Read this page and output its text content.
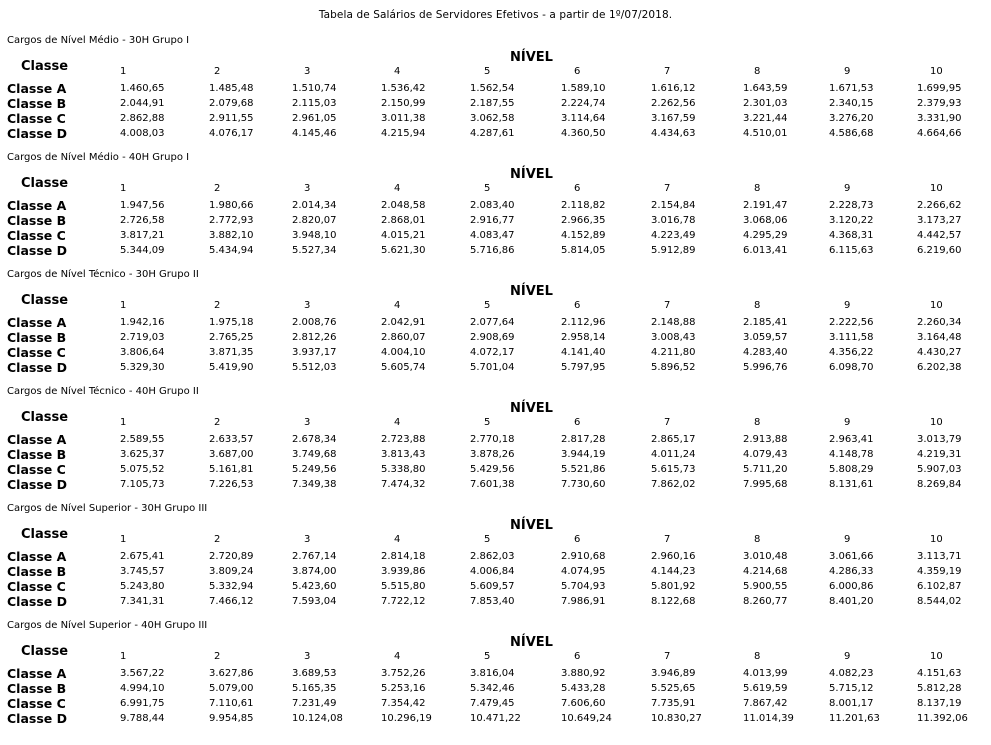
Tabela de Salários de Servidores Efetivos - a partir de 1º/07/2018.
Cargos de Nível Médio - 30H Grupo I
Classe
NÍVEL
1	2	3	4	5	6	7	8	9	10
Classe A	1.460,65	1.485,48	1.510,74	1.536,42	1.562,54	1.589,10	1.616,12	1.643,59	1.671,53	1.699,95
Classe B	2.044,91	2.079,68	2.115,03	2.150,99	2.187,55	2.224,74	2.262,56	2.301,03	2.340,15	2.379,93
Classe C	2.862,88	2.911,55	2.961,05	3.011,38	3.062,58	3.114,64	3.167,59	3.221,44	3.276,20	3.331,90
Classe D	4.008,03	4.076,17	4.145,46	4.215,94	4.287,61	4.360,50	4.434,63	4.510,01	4.586,68	4.664,66
Cargos de Nível Médio - 40H Grupo I
Classe
NÍVEL
1	2	3	4	5	6	7	8	9	10
Classe A	1.947,56	1.980,66	2.014,34	2.048,58	2.083,40	2.118,82	2.154,84	2.191,47	2.228,73	2.266,62
Classe B	2.726,58	2.772,93	2.820,07	2.868,01	2.916,77	2.966,35	3.016,78	3.068,06	3.120,22	3.173,27
Classe C	3.817,21	3.882,10	3.948,10	4.015,21	4.083,47	4.152,89	4.223,49	4.295,29	4.368,31	4.442,57
Classe D	5.344,09	5.434,94	5.527,34	5.621,30	5.716,86	5.814,05	5.912,89	6.013,41	6.115,63	6.219,60
Cargos de Nível Técnico - 30H Grupo II
Classe
NÍVEL
1	2	3	4	5	6	7	8	9	10
Classe A	1.942,16	1.975,18	2.008,76	2.042,91	2.077,64	2.112,96	2.148,88	2.185,41	2.222,56	2.260,34
Classe B	2.719,03	2.765,25	2.812,26	2.860,07	2.908,69	2.958,14	3.008,43	3.059,57	3.111,58	3.164,48
Classe C	3.806,64	3.871,35	3.937,17	4.004,10	4.072,17	4.141,40	4.211,80	4.283,40	4.356,22	4.430,27
Classe D	5.329,30	5.419,90	5.512,03	5.605,74	5.701,04	5.797,95	5.896,52	5.996,76	6.098,70	6.202,38
Cargos de Nível Técnico - 40H Grupo II
Classe
NÍVEL
1	2	3	4	5	6	7	8	9	10
Classe A	2.589,55	2.633,57	2.678,34	2.723,88	2.770,18	2.817,28	2.865,17	2.913,88	2.963,41	3.013,79
Classe B	3.625,37	3.687,00	3.749,68	3.813,43	3.878,26	3.944,19	4.011,24	4.079,43	4.148,78	4.219,31
Classe C	5.075,52	5.161,81	5.249,56	5.338,80	5.429,56	5.521,86	5.615,73	5.711,20	5.808,29	5.907,03
Classe D	7.105,73	7.226,53	7.349,38	7.474,32	7.601,38	7.730,60	7.862,02	7.995,68	8.131,61	8.269,84
Cargos de Nível Superior - 30H Grupo III
Classe
NÍVEL
1	2	3	4	5	6	7	8	9	10
Classe A	2.675,41	2.720,89	2.767,14	2.814,18	2.862,03	2.910,68	2.960,16	3.010,48	3.061,66	3.113,71
Classe B	3.745,57	3.809,24	3.874,00	3.939,86	4.006,84	4.074,95	4.144,23	4.214,68	4.286,33	4.359,19
Classe C	5.243,80	5.332,94	5.423,60	5.515,80	5.609,57	5.704,93	5.801,92	5.900,55	6.000,86	6.102,87
Classe D	7.341,31	7.466,12	7.593,04	7.722,12	7.853,40	7.986,91	8.122,68	8.260,77	8.401,20	8.544,02
Cargos de Nível Superior - 40H Grupo III
Classe
NÍVEL
1	2	3	4	5	6	7	8	9	10
Classe A	3.567,22	3.627,86	3.689,53	3.752,26	3.816,04	3.880,92	3.946,89	4.013,99	4.082,23	4.151,63
Classe B	4.994,10	5.079,00	5.165,35	5.253,16	5.342,46	5.433,28	5.525,65	5.619,59	5.715,12	5.812,28
Classe C	6.991,75	7.110,61	7.231,49	7.354,42	7.479,45	7.606,60	7.735,91	7.867,42	8.001,17	8.137,19
Classe D	9.788,44	9.954,85	10.124,08	10.296,19	10.471,22	10.649,24	10.830,27	11.014,39	11.201,63	11.392,06
